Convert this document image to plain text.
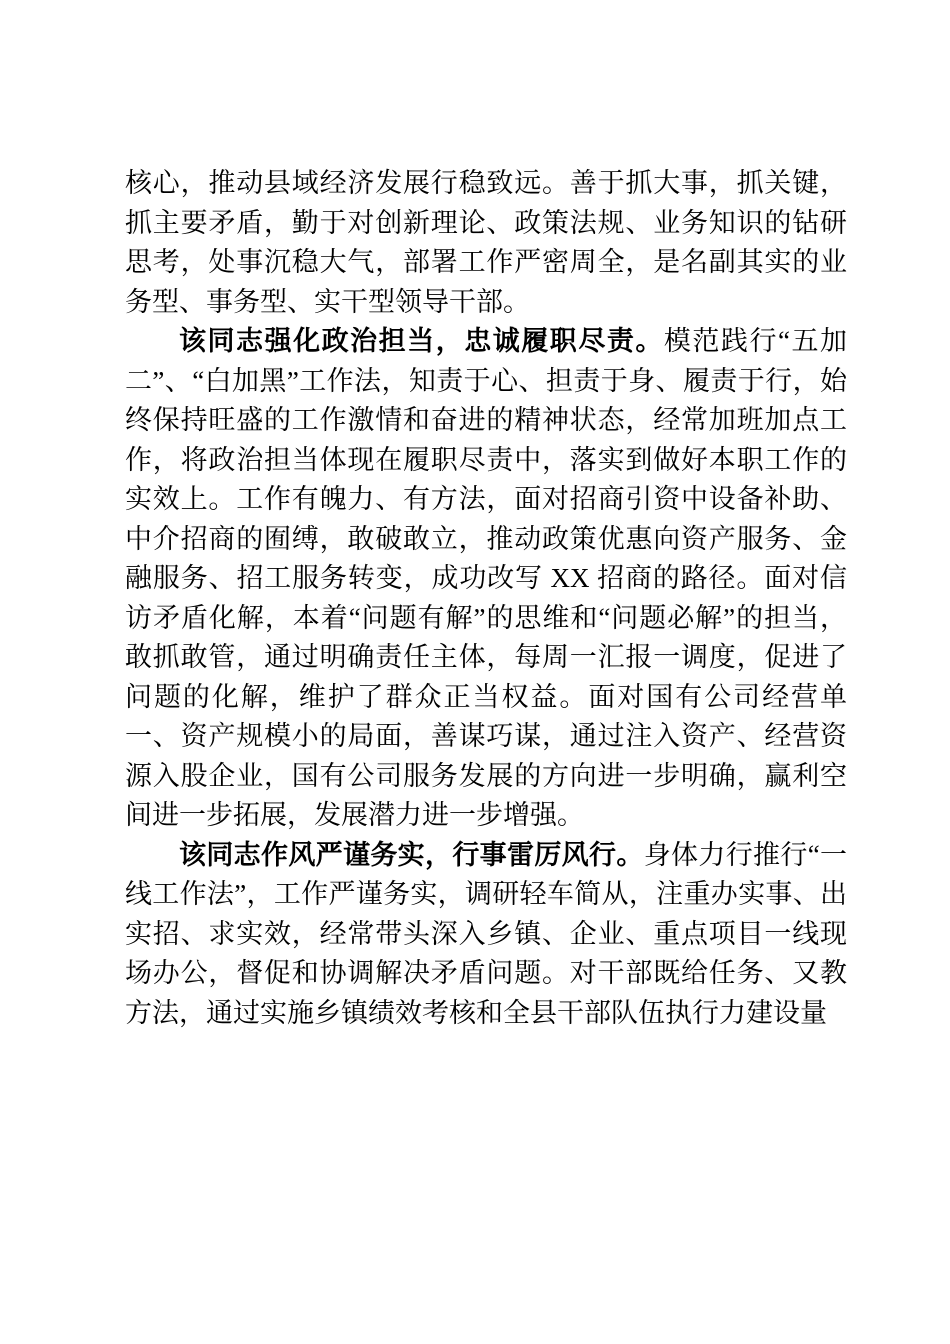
核心，推动县域经济发展行稳致远。善于抓大事，抓关键，抓主要矛盾，勤于对创新理论、政策法规、业务知识的钻研思考，处事沉稳大气，部署工作严密周全，是名副其实的业务型、事务型、实干型领导干部。

该同志强化政治担当，忠诚履职尽责。模范践行“五加二”、“白加黑”工作法，知责于心、担责于身、履责于行，始终保持旺盛的工作激情和奋进的精神状态，经常加班加点工作，将政治担当体现在履职尽责中，落实到做好本职工作的实效上。工作有魄力、有方法，面对招商引资中设备补助、中介招商的囿缚，敢破敢立，推动政策优惠向资产服务、金融服务、招工服务转变，成功改写 XX 招商的路径。面对信访矛盾化解，本着“问题有解”的思维和“问题必解”的担当，敢抓敢管，通过明确责任主体，每周一汇报一调度，促进了问题的化解，维护了群众正当权益。面对国有公司经营单一、资产规模小的局面，善谋巧谋，通过注入资产、经营资源入股企业，国有公司服务发展的方向进一步明确，赢利空间进一步拓展，发展潜力进一步增强。

该同志作风严谨务实，行事雷厉风行。身体力行推行“一线工作法”，工作严谨务实，调研轻车简从，注重办实事、出实招、求实效，经常带头深入乡镇、企业、重点项目一线现场办公，督促和协调解决矛盾问题。对干部既给任务、又教方法，通过实施乡镇绩效考核和全县干部队伍执行力建设量
